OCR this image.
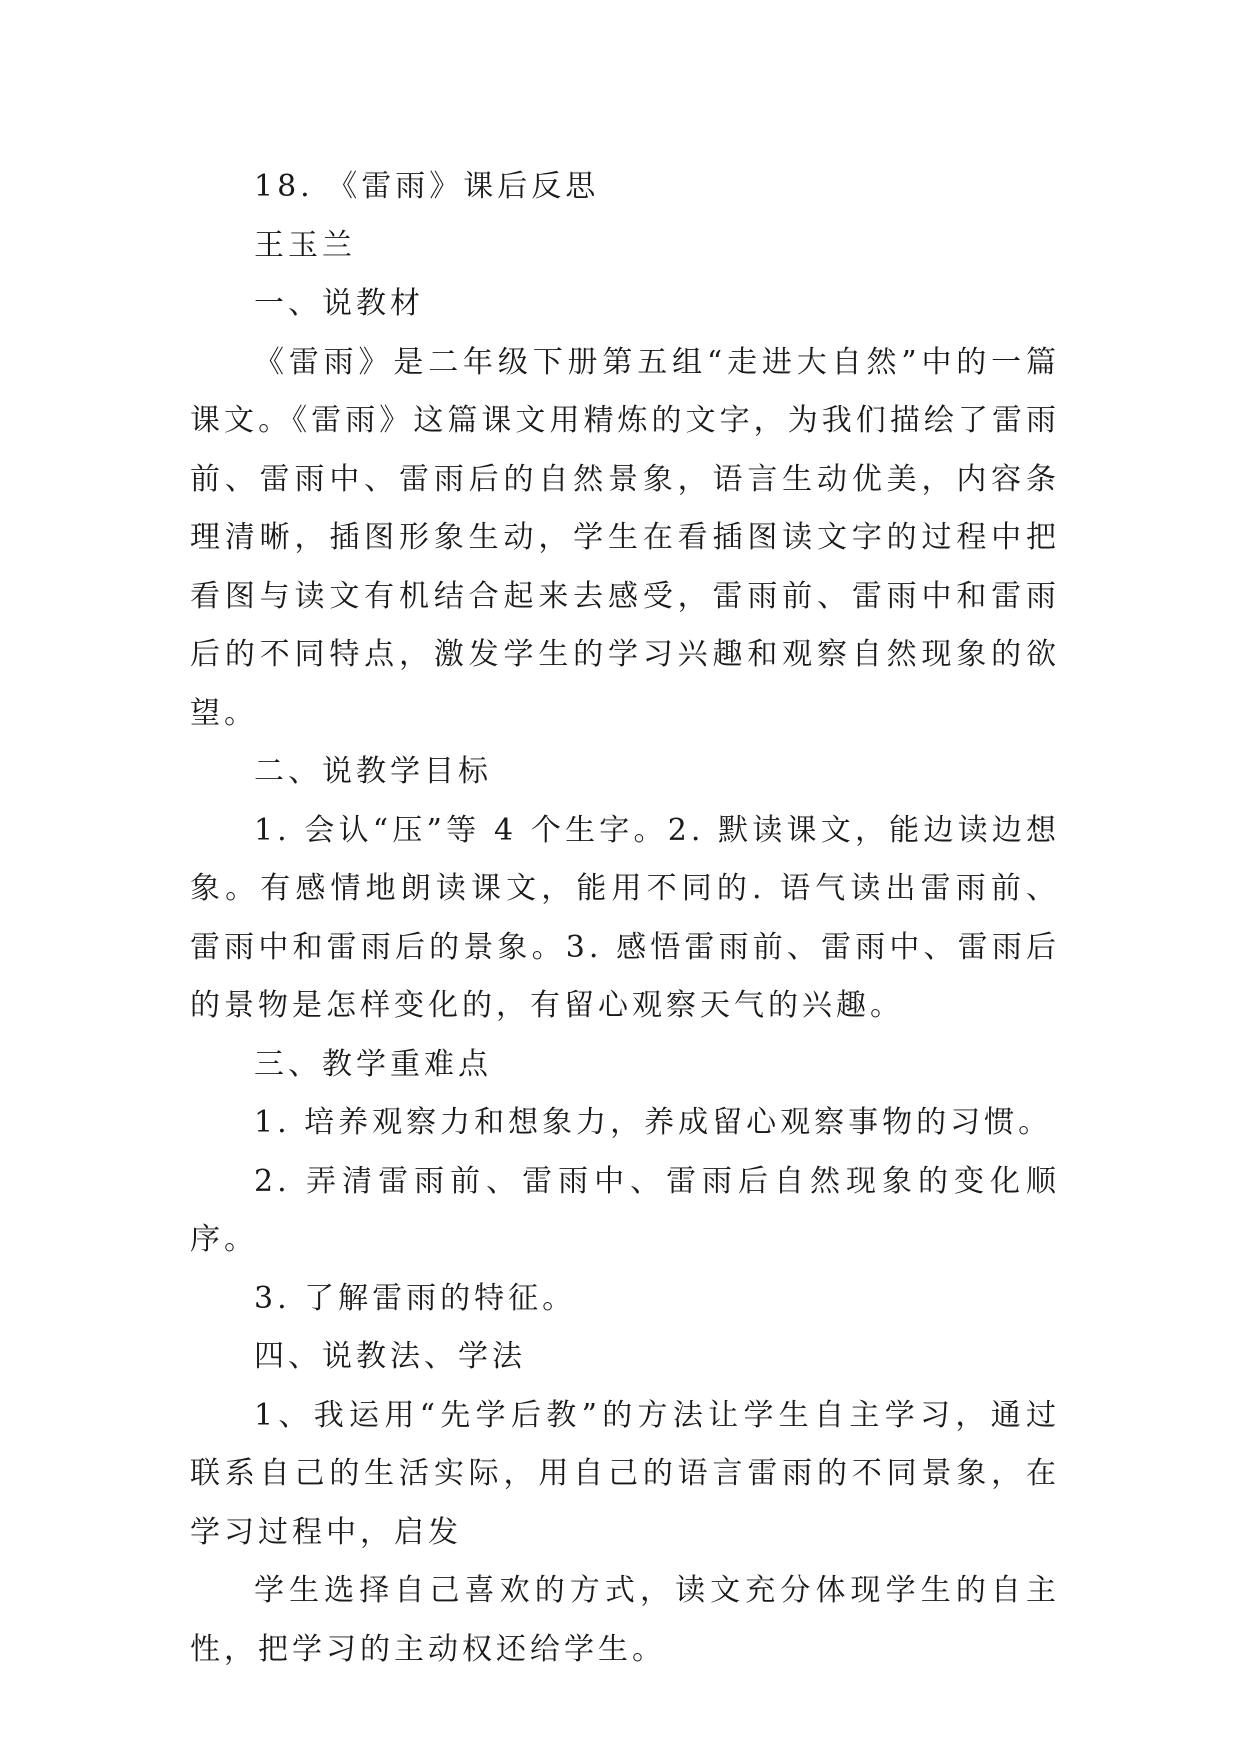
18. 《雷雨》课后反思

王玉兰

一、说教材

《雷雨》是二年级下册第五组“走进大自然”中的一篇课文。《雷雨》这篇课文用精炼的文字，为我们描绘了雷雨前、雷雨中、雷雨后的自然景象，语言生动优美，内容条理清晰，插图形象生动，学生在看插图读文字的过程中把看图与读文有机结合起来去感受，雷雨前、雷雨中和雷雨后的不同特点，激发学生的学习兴趣和观察自然现象的欲望。

二、说教学目标

1. 会认“压”等 4 个生字。2. 默读课文，能边读边想象。有感情地朗读课文，能用不同的. 语气读出雷雨前、雷雨中和雷雨后的景象。3. 感悟雷雨前、雷雨中、雷雨后的景物是怎样变化的，有留心观察天气的兴趣。

三、教学重难点

1. 培养观察力和想象力，养成留心观察事物的习惯。

2. 弄清雷雨前、雷雨中、雷雨后自然现象的变化顺序。

3. 了解雷雨的特征。

四、说教法、学法

1、我运用“先学后教”的方法让学生自主学习，通过联系自己的生活实际，用自己的语言雷雨的不同景象，在学习过程中，启发

学生选择自己喜欢的方式，读文充分体现学生的自主性，把学习的主动权还给学生。
